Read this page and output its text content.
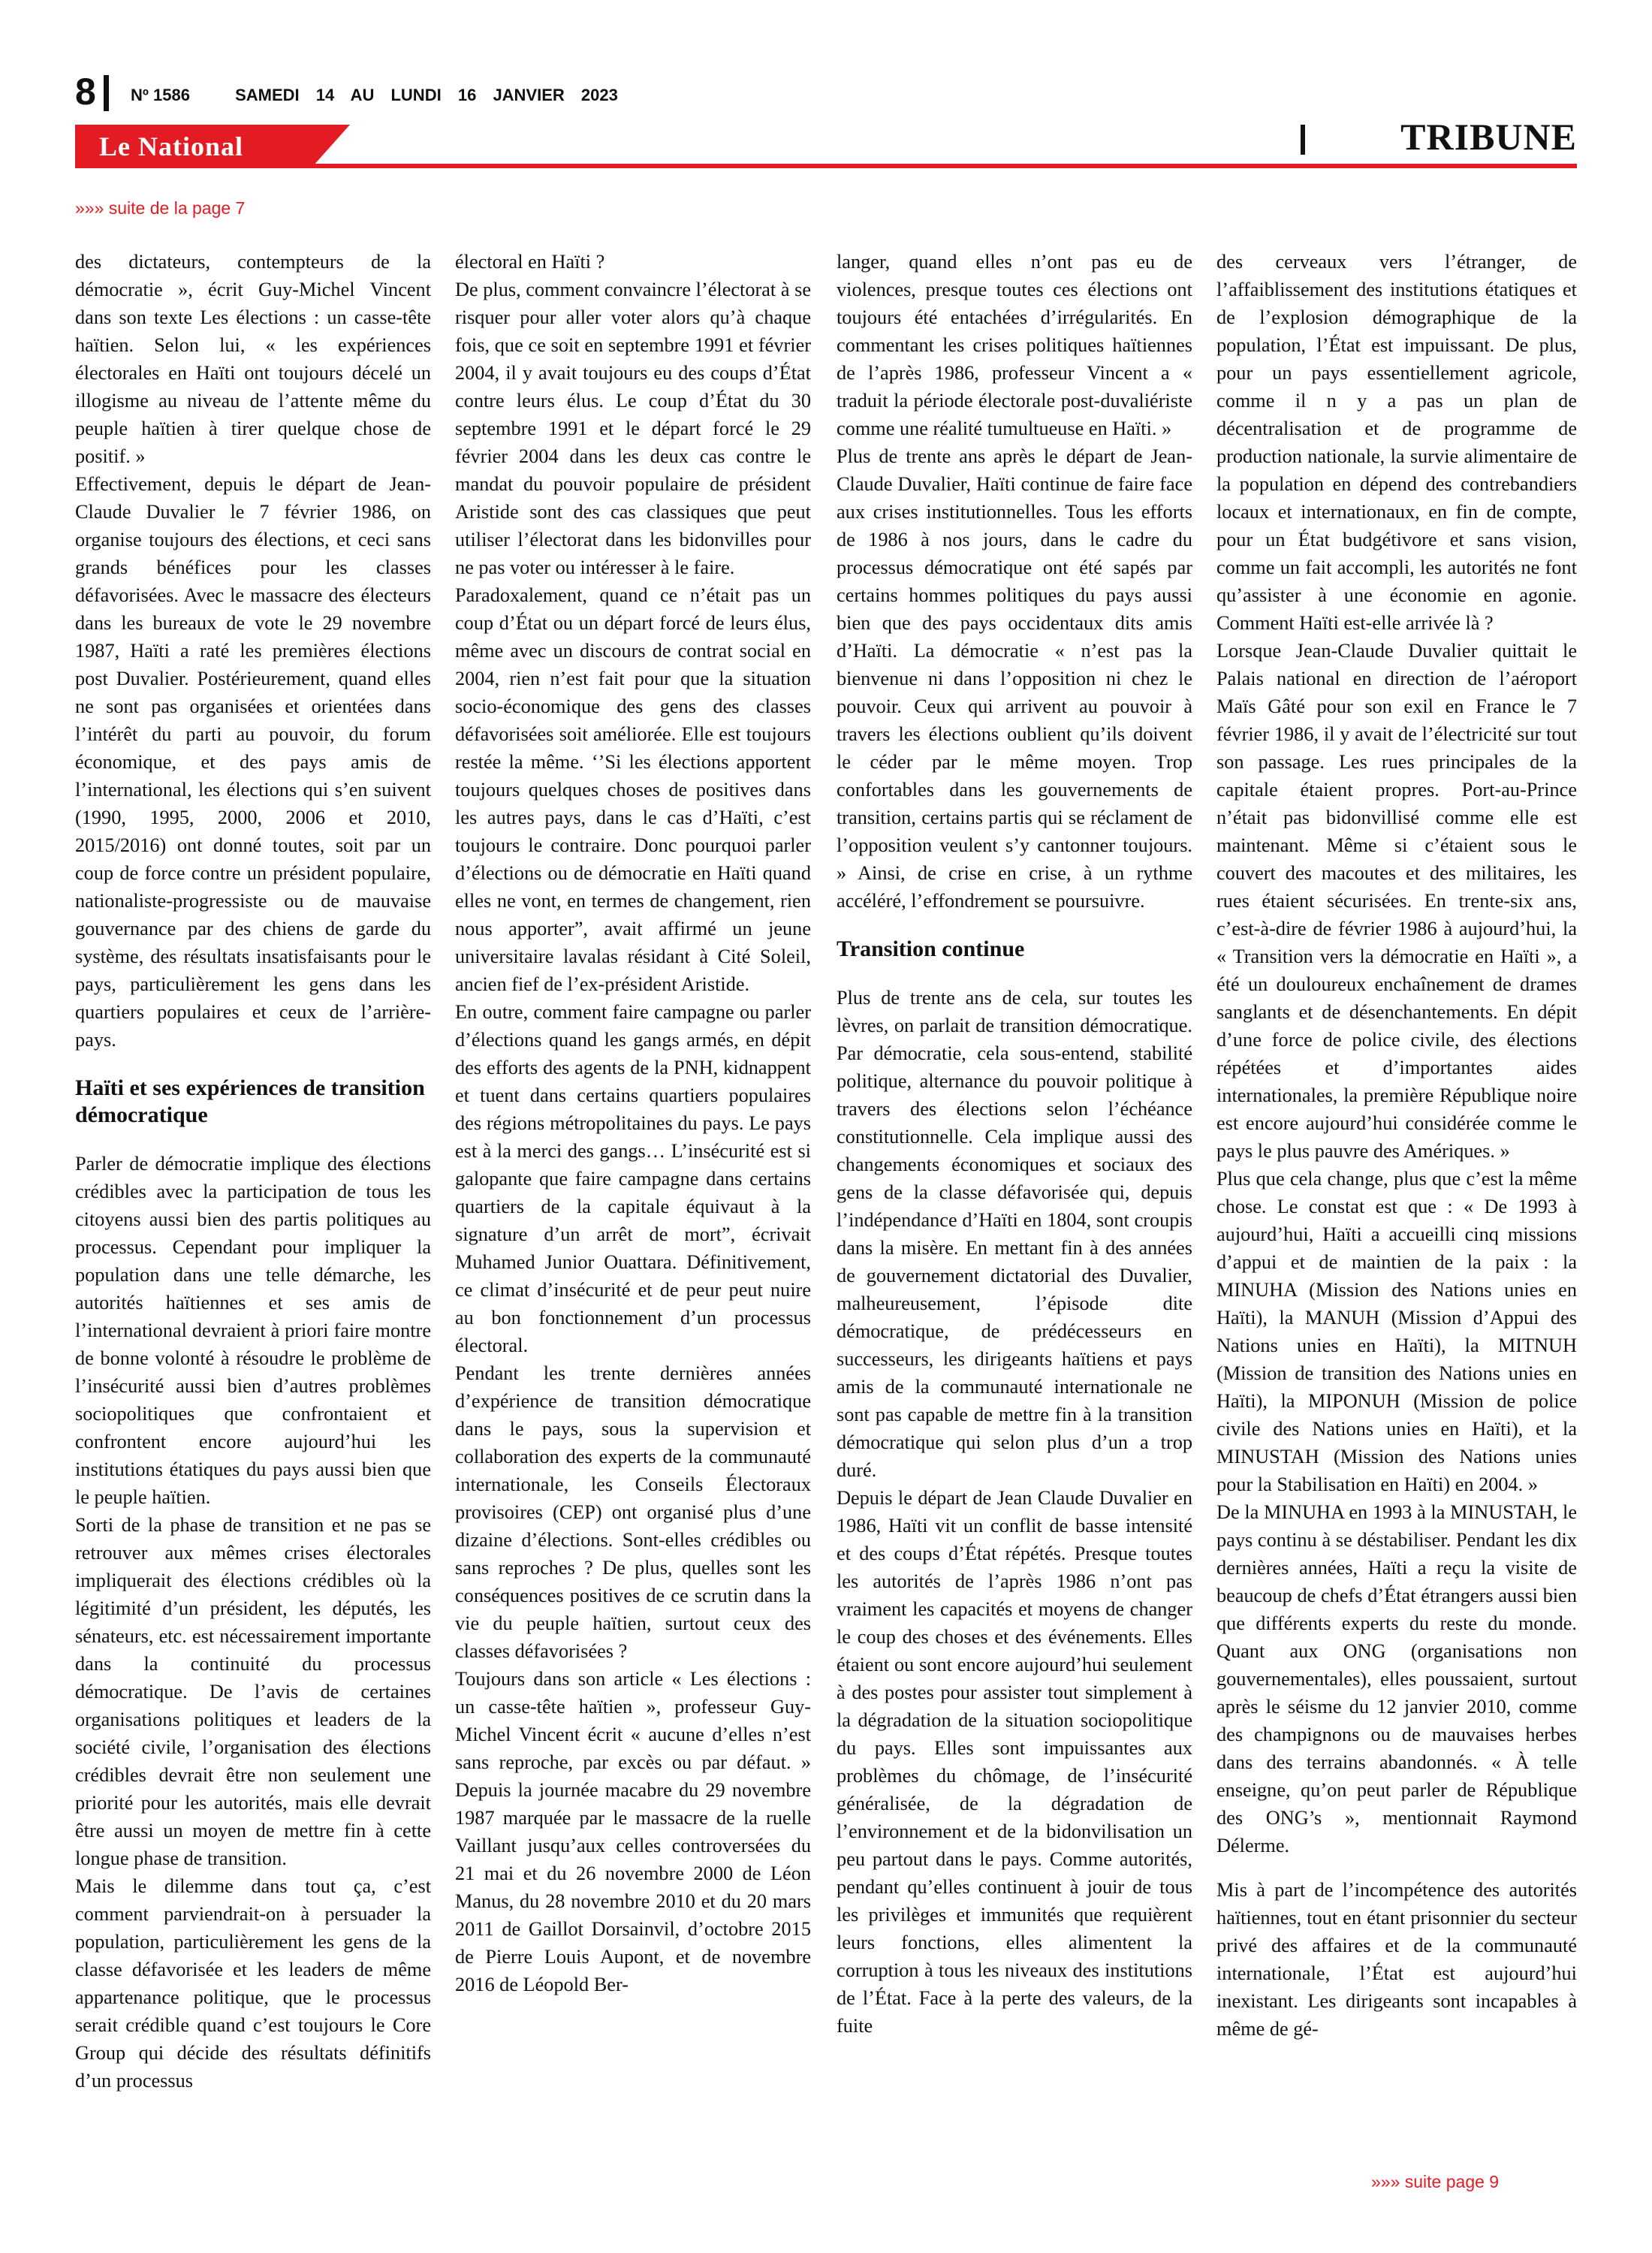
8 Nº 1586	SAMEDI 14 AU LUNDI 16 JANVIER 2023
Le National	TRIBUNE
»»» suite de la page 7

des dictateurs, contempteurs de la démocratie », écrit Guy-Michel Vincent dans son texte Les élections : un casse-tête haïtien. Selon lui, « les expériences électorales en Haïti ont toujours décelé un illogisme au niveau de l’attente même du peuple haïtien à tirer quelque chose de positif. »

Effectivement, depuis le départ de Jean-Claude Duvalier le 7 février 1986, on organise toujours des élections, et ceci sans grands bénéfices pour les classes défavorisées. Avec le massacre des électeurs dans les bureaux de vote le 29 novembre 1987, Haïti a raté les premières élections post Duvalier. Postérieurement, quand elles ne sont pas organisées et orientées dans l’intérêt du parti au pouvoir, du forum économique, et des pays amis de l’international, les élections qui s’en suivent (1990, 1995, 2000, 2006 et 2010, 2015/2016) ont donné toutes, soit par un coup de force contre un président populaire, nationaliste-progressiste ou de mauvaise gouvernance par des chiens de garde du système, des résultats insatisfaisants pour le pays, particulièrement les gens dans les quartiers populaires et ceux de l’arrière-pays.

Haïti et ses expériences de transition démocratique

Parler de démocratie implique des élections crédibles avec la participation de tous les citoyens aussi bien des partis politiques au processus. Cependant pour impliquer la population dans une telle démarche, les autorités haïtiennes et ses amis de l’international devraient à priori faire montre de bonne volonté à résoudre le problème de l’insécurité aussi bien d’autres problèmes sociopolitiques que confrontaient et confrontent encore aujourd’hui les institutions étatiques du pays aussi bien que le peuple haïtien.

Sorti de la phase de transition et ne pas se retrouver aux mêmes crises électorales impliquerait des élections crédibles où la légitimité d’un président, les députés, les sénateurs, etc. est nécessairement importante dans la continuité du processus démocratique. De l’avis de certaines organisations politiques et leaders de la société civile, l’organisation des élections crédibles devrait être non seulement une priorité pour les autorités, mais elle devrait être aussi un moyen de mettre fin à cette longue phase de transition.

Mais le dilemme dans tout ça, c’est comment parviendrait-on à persuader la population, particulièrement les gens de la classe défavorisée et les leaders de même appartenance politique, que le processus serait crédible quand c’est toujours le Core Group qui décide des résultats définitifs d’un processus

électoral en Haïti ?

De plus, comment convaincre l’électorat à se risquer pour aller voter alors qu’à chaque fois, que ce soit en septembre 1991 et février 2004, il y avait toujours eu des coups d’État contre leurs élus. Le coup d’État du 30 septembre 1991 et le départ forcé le 29 février 2004 dans les deux cas contre le mandat du pouvoir populaire de président Aristide sont des cas classiques que peut utiliser l’électorat dans les bidonvilles pour ne pas voter ou intéresser à le faire.

Paradoxalement, quand ce n’était pas un coup d’État ou un départ forcé de leurs élus, même avec un discours de contrat social en 2004, rien n’est fait pour que la situation socio-économique des gens des classes défavorisées soit améliorée. Elle est toujours restée la même. ‘’Si les élections apportent toujours quelques choses de positives dans les autres pays, dans le cas d’Haïti, c’est toujours le contraire. Donc pourquoi parler d’élections ou de démocratie en Haïti quand elles ne vont, en termes de changement, rien nous apporter”, avait affirmé un jeune universitaire lavalas résidant à Cité Soleil, ancien fief de l’ex-président Aristide.

En outre, comment faire campagne ou parler d’élections quand les gangs armés, en dépit des efforts des agents de la PNH, kidnappent et tuent dans certains quartiers populaires des régions métropolitaines du pays. Le pays est à la merci des gangs… L’insécurité est si galopante que faire campagne dans certains quartiers de la capitale équivaut à la signature d’un arrêt de mort”, écrivait Muhamed Junior Ouattara. Définitivement, ce climat d’insécurité et de peur peut nuire au bon fonctionnement d’un processus électoral.

Pendant les trente dernières années d’expérience de transition démocratique dans le pays, sous la supervision et collaboration des experts de la communauté internationale, les Conseils Électoraux provisoires (CEP) ont organisé plus d’une dizaine d’élections. Sont-elles crédibles ou sans reproches ? De plus, quelles sont les conséquences positives de ce scrutin dans la vie du peuple haïtien, surtout ceux des classes défavorisées ?

Toujours dans son article « Les élections : un casse-tête haïtien », professeur Guy-Michel Vincent écrit « aucune d’elles n’est sans reproche, par excès ou par défaut. » Depuis la journée macabre du 29 novembre 1987 marquée par le massacre de la ruelle Vaillant jusqu’aux celles controversées du 21 mai et du 26 novembre 2000 de Léon Manus, du 28 novembre 2010 et du 20 mars 2011 de Gaillot Dorsainvil, d’octobre 2015 de Pierre Louis Aupont, et de novembre 2016 de Léopold Ber-

langer, quand elles n’ont pas eu de violences, presque toutes ces élections ont toujours été entachées d’irrégularités. En commentant les crises politiques haïtiennes de l’après 1986, professeur Vincent a « traduit la période électorale post-duvaliériste comme une réalité tumultueuse en Haïti. »

Plus de trente ans après le départ de Jean-Claude Duvalier, Haïti continue de faire face aux crises institutionnelles. Tous les efforts de 1986 à nos jours, dans le cadre du processus démocratique ont été sapés par certains hommes politiques du pays aussi bien que des pays occidentaux dits amis d’Haïti. La démocratie « n’est pas la bienvenue ni dans l’opposition ni chez le pouvoir. Ceux qui arrivent au pouvoir à travers les élections oublient qu’ils doivent le céder par le même moyen. Trop confortables dans les gouvernements de transition, certains partis qui se réclament de l’opposition veulent s’y cantonner toujours. » Ainsi, de crise en crise, à un rythme accéléré, l’effondrement se poursuivre.

Transition continue

Plus de trente ans de cela, sur toutes les lèvres, on parlait de transition démocratique. Par démocratie, cela sous-entend, stabilité politique, alternance du pouvoir politique à travers des élections selon l’échéance constitutionnelle. Cela implique aussi des changements économiques et sociaux des gens de la classe défavorisée qui, depuis l’indépendance d’Haïti en 1804, sont croupis dans la misère. En mettant fin à des années de gouvernement dictatorial des Duvalier, malheureusement, l’épisode dite démocratique, de prédécesseurs en successeurs, les dirigeants haïtiens et pays amis de la communauté internationale ne sont pas capable de mettre fin à la transition démocratique qui selon plus d’un a trop duré.

Depuis le départ de Jean Claude Duvalier en 1986, Haïti vit un conflit de basse intensité et des coups d’État répétés. Presque toutes les autorités de l’après 1986 n’ont pas vraiment les capacités et moyens de changer le coup des choses et des événements. Elles étaient ou sont encore aujourd’hui seulement à des postes pour assister tout simplement à la dégradation de la situation sociopolitique du pays. Elles sont impuissantes aux problèmes du chômage, de l’insécurité généralisée, de la dégradation de l’environnement et de la bidonvilisation un peu partout dans le pays. Comme autorités, pendant qu’elles continuent à jouir de tous les privilèges et immunités que requièrent leurs fonctions, elles alimentent la corruption à tous les niveaux des institutions de l’État. Face à la perte des valeurs, de la fuite

des cerveaux vers l’étranger, de l’affaiblissement des institutions étatiques et de l’explosion démographique de la population, l’État est impuissant. De plus, pour un pays essentiellement agricole, comme il n y a pas un plan de décentralisation et de programme de production nationale, la survie alimentaire de la population en dépend des contrebandiers locaux et internationaux, en fin de compte, pour un État budgétivore et sans vision, comme un fait accompli, les autorités ne font qu’assister à une économie en agonie. Comment Haïti est-elle arrivée là ?

Lorsque Jean-Claude Duvalier quittait le Palais national en direction de l’aéroport Maïs Gâté pour son exil en France le 7 février 1986, il y avait de l’électricité sur tout son passage. Les rues principales de la capitale étaient propres. Port-au-Prince n’était pas bidonvillisé comme elle est maintenant. Même si c’étaient sous le couvert des macoutes et des militaires, les rues étaient sécurisées. En trente-six ans, c’est-à-dire de février 1986 à aujourd’hui, la « Transition vers la démocratie en Haïti », a été un douloureux enchaînement de drames sanglants et de désenchantements. En dépit d’une force de police civile, des élections répétées et d’importantes aides internationales, la première République noire est encore aujourd’hui considérée comme le pays le plus pauvre des Amériques. »

Plus que cela change, plus que c’est la même chose. Le constat est que : « De 1993 à aujourd’hui, Haïti a accueilli cinq missions d’appui et de maintien de la paix : la MINUHA (Mission des Nations unies en Haïti), la MANUH (Mission d’Appui des Nations unies en Haïti), la MITNUH (Mission de transition des Nations unies en Haïti), la MIPONUH (Mission de police civile des Nations unies en Haïti), et la MINUSTAH (Mission des Nations unies pour la Stabilisation en Haïti) en 2004. »

De la MINUHA en 1993 à la MINUSTAH, le pays continu à se déstabiliser. Pendant les dix dernières années, Haïti a reçu la visite de beaucoup de chefs d’État étrangers aussi bien que différents experts du reste du monde. Quant aux ONG (organisations non gouvernementales), elles poussaient, surtout après le séisme du 12 janvier 2010, comme des champignons ou de mauvaises herbes dans des terrains abandonnés. « À telle enseigne, qu’on peut parler de République des ONG’s », mentionnait Raymond Délerme.

Mis à part de l’incompétence des autorités haïtiennes, tout en étant prisonnier du secteur privé des affaires et de la communauté internationale, l’État est aujourd’hui inexistant. Les dirigeants sont incapables à même de gé-

»»» suite page 9
